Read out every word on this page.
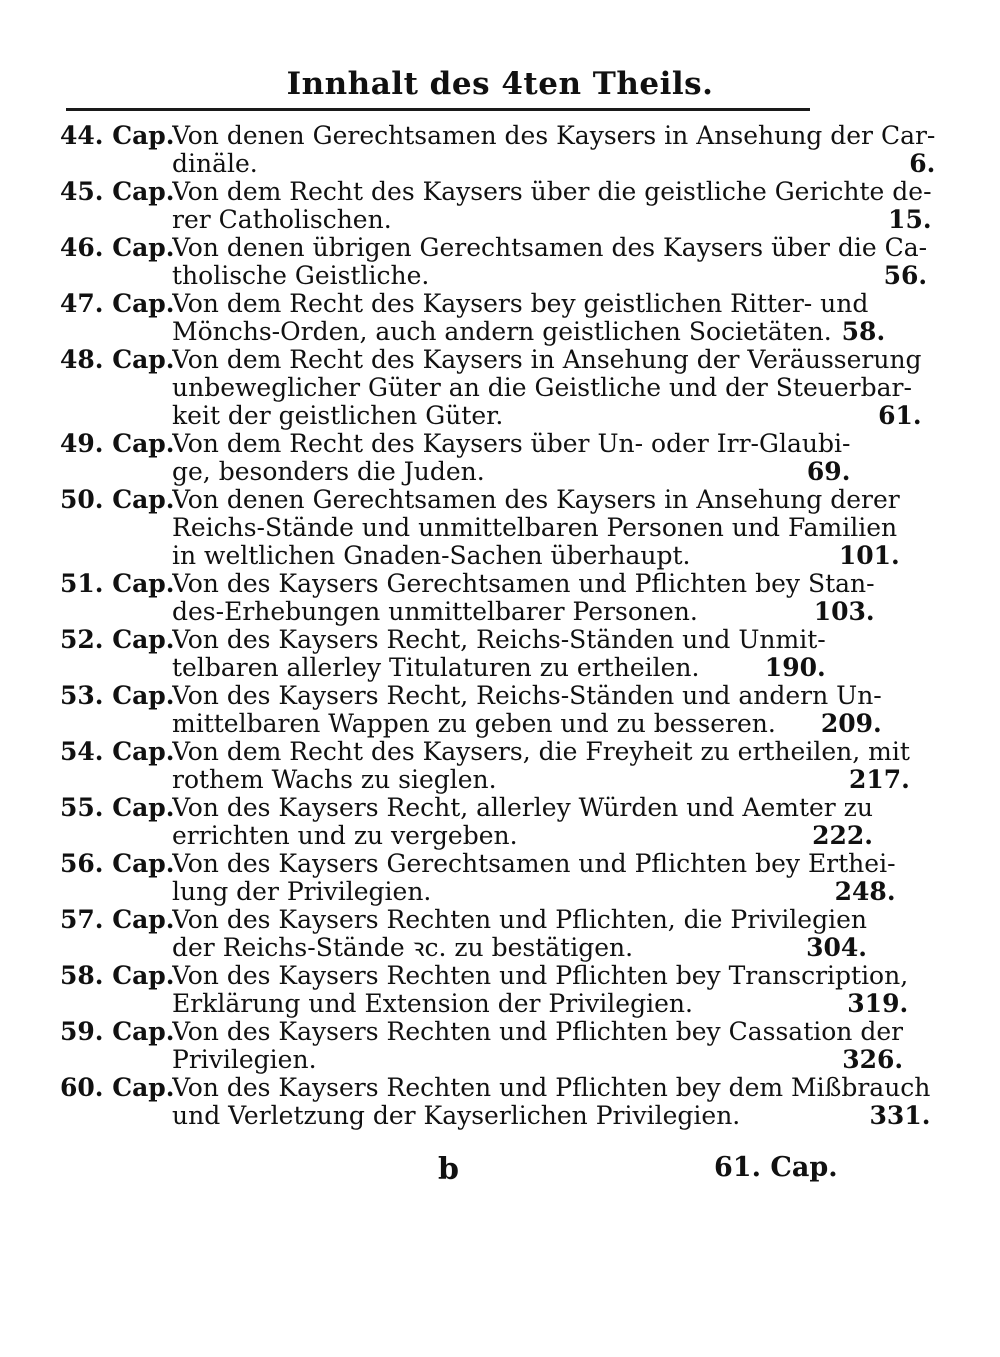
Innhalt des 4ten Theils.
44. Cap.
Von denen Gerechtsamen des Kaysers in Ansehung der Car-
dinäle.	6.
45. Cap.
Von dem Recht des Kaysers über die geistliche Gerichte de-
rer Catholischen.	15.
46. Cap.
Von denen übrigen Gerechtsamen des Kaysers über die Ca-
tholische Geistliche.	56.
47. Cap.
Von dem Recht des Kaysers bey geistlichen Ritter- und
Mönchs-Orden, auch andern geistlichen Societäten. 58.
48. Cap.
Von dem Recht des Kaysers in Ansehung der Veräusserung
unbeweglicher Güter an die Geistliche und der Steuerbar-
keit der geistlichen Güter.	61.
49. Cap.
Von dem Recht des Kaysers über Un- oder Irr-Glaubi-
ge, besonders die Juden.	69.
50. Cap.
Von denen Gerechtsamen des Kaysers in Ansehung derer
Reichs-Stände und unmittelbaren Personen und Familien
in weltlichen Gnaden-Sachen überhaupt.	101.
51. Cap.
Von des Kaysers Gerechtsamen und Pflichten bey Stan-
des-Erhebungen unmittelbarer Personen.	103.
52. Cap.
Von des Kaysers Recht, Reichs-Ständen und Unmit-
telbaren allerley Titulaturen zu ertheilen.	190.
53. Cap.
Von des Kaysers Recht, Reichs-Ständen und andern Un-
mittelbaren Wappen zu geben und zu besseren.	209.
54. Cap.
Von dem Recht des Kaysers, die Freyheit zu ertheilen, mit
rothem Wachs zu sieglen.	217.
55. Cap.
Von des Kaysers Recht, allerley Würden und Aemter zu
errichten und zu vergeben.	222.
56. Cap.
Von des Kaysers Gerechtsamen und Pflichten bey Erthei-
lung der Privilegien.	248.
57. Cap.
Von des Kaysers Rechten und Pflichten, die Privilegien
der Reichs-Stände ꝛc. zu bestätigen.	304.
58. Cap.
Von des Kaysers Rechten und Pflichten bey Transcription,
Erklärung und Extension der Privilegien.	319.
59. Cap.
Von des Kaysers Rechten und Pflichten bey Cassation der
Privilegien.	326.
60. Cap.
Von des Kaysers Rechten und Pflichten bey dem Mißbrauch
und Verletzung der Kayserlichen Privilegien.	331.
b	61. Cap.
